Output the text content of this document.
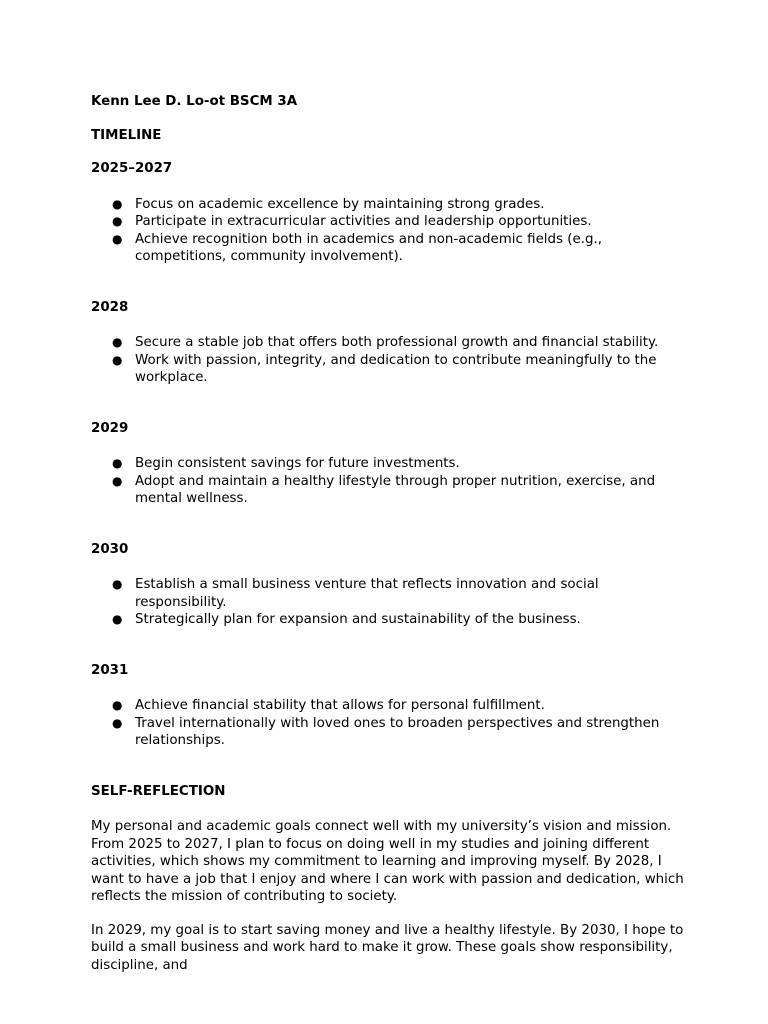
Kenn Lee D. Lo-ot BSCM 3A
TIMELINE
2025–2027
● Focus on academic excellence by maintaining strong grades.
● Participate in extracurricular activities and leadership opportunities.
● Achieve recognition both in academics and non-academic fields (e.g., competitions, community involvement).
2028
● Secure a stable job that offers both professional growth and financial stability.
● Work with passion, integrity, and dedication to contribute meaningfully to the workplace.
2029
● Begin consistent savings for future investments.
● Adopt and maintain a healthy lifestyle through proper nutrition, exercise, and mental wellness.
2030
● Establish a small business venture that reflects innovation and social responsibility.
● Strategically plan for expansion and sustainability of the business.
2031
● Achieve financial stability that allows for personal fulfillment.
● Travel internationally with loved ones to broaden perspectives and strengthen relationships.
SELF-REFLECTION

My personal and academic goals connect well with my university’s vision and mission. From 2025 to 2027, I plan to focus on doing well in my studies and joining different activities, which shows my commitment to learning and improving myself. By 2028, I want to have a job that I enjoy and where I can work with passion and dedication, which reflects the mission of contributing to society.

In 2029, my goal is to start saving money and live a healthy lifestyle. By 2030, I hope to build a small business and work hard to make it grow. These goals show responsibility, discipline, and
